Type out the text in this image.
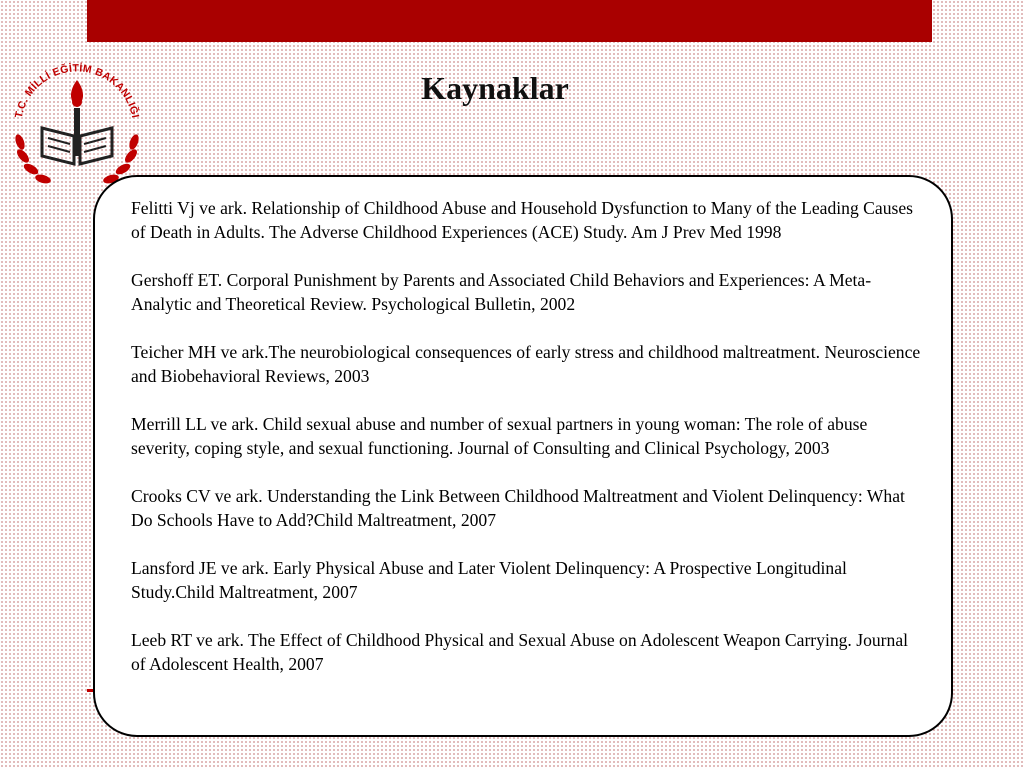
T.C. MİLLİ EĞİTİM BAKANLIĞI
Kaynaklar

Felitti Vj ve ark. Relationship of Childhood Abuse and Household Dysfunction to Many of the Leading Causes of Death in Adults. The Adverse Childhood Experiences (ACE) Study. Am J Prev Med 1998

Gershoff ET. Corporal Punishment by Parents and Associated Child Behaviors and Experiences: A Meta-Analytic and Theoretical Review. Psychological Bulletin, 2002

Teicher MH ve ark.The neurobiological consequences of early stress and childhood maltreatment. Neuroscience and Biobehavioral Reviews, 2003

Merrill LL ve ark. Child sexual abuse and number of sexual partners in young woman: The role of abuse severity, coping style, and sexual functioning. Journal of Consulting and Clinical Psychology, 2003

Crooks CV ve ark. Understanding the Link Between Childhood Maltreatment and Violent Delinquency: What Do Schools Have to Add?Child Maltreatment, 2007

Lansford JE ve ark. Early Physical Abuse and Later Violent Delinquency: A Prospective Longitudinal Study.Child Maltreatment, 2007

Leeb RT ve ark. The Effect of Childhood Physical and Sexual Abuse on Adolescent Weapon Carrying. Journal of Adolescent Health, 2007
